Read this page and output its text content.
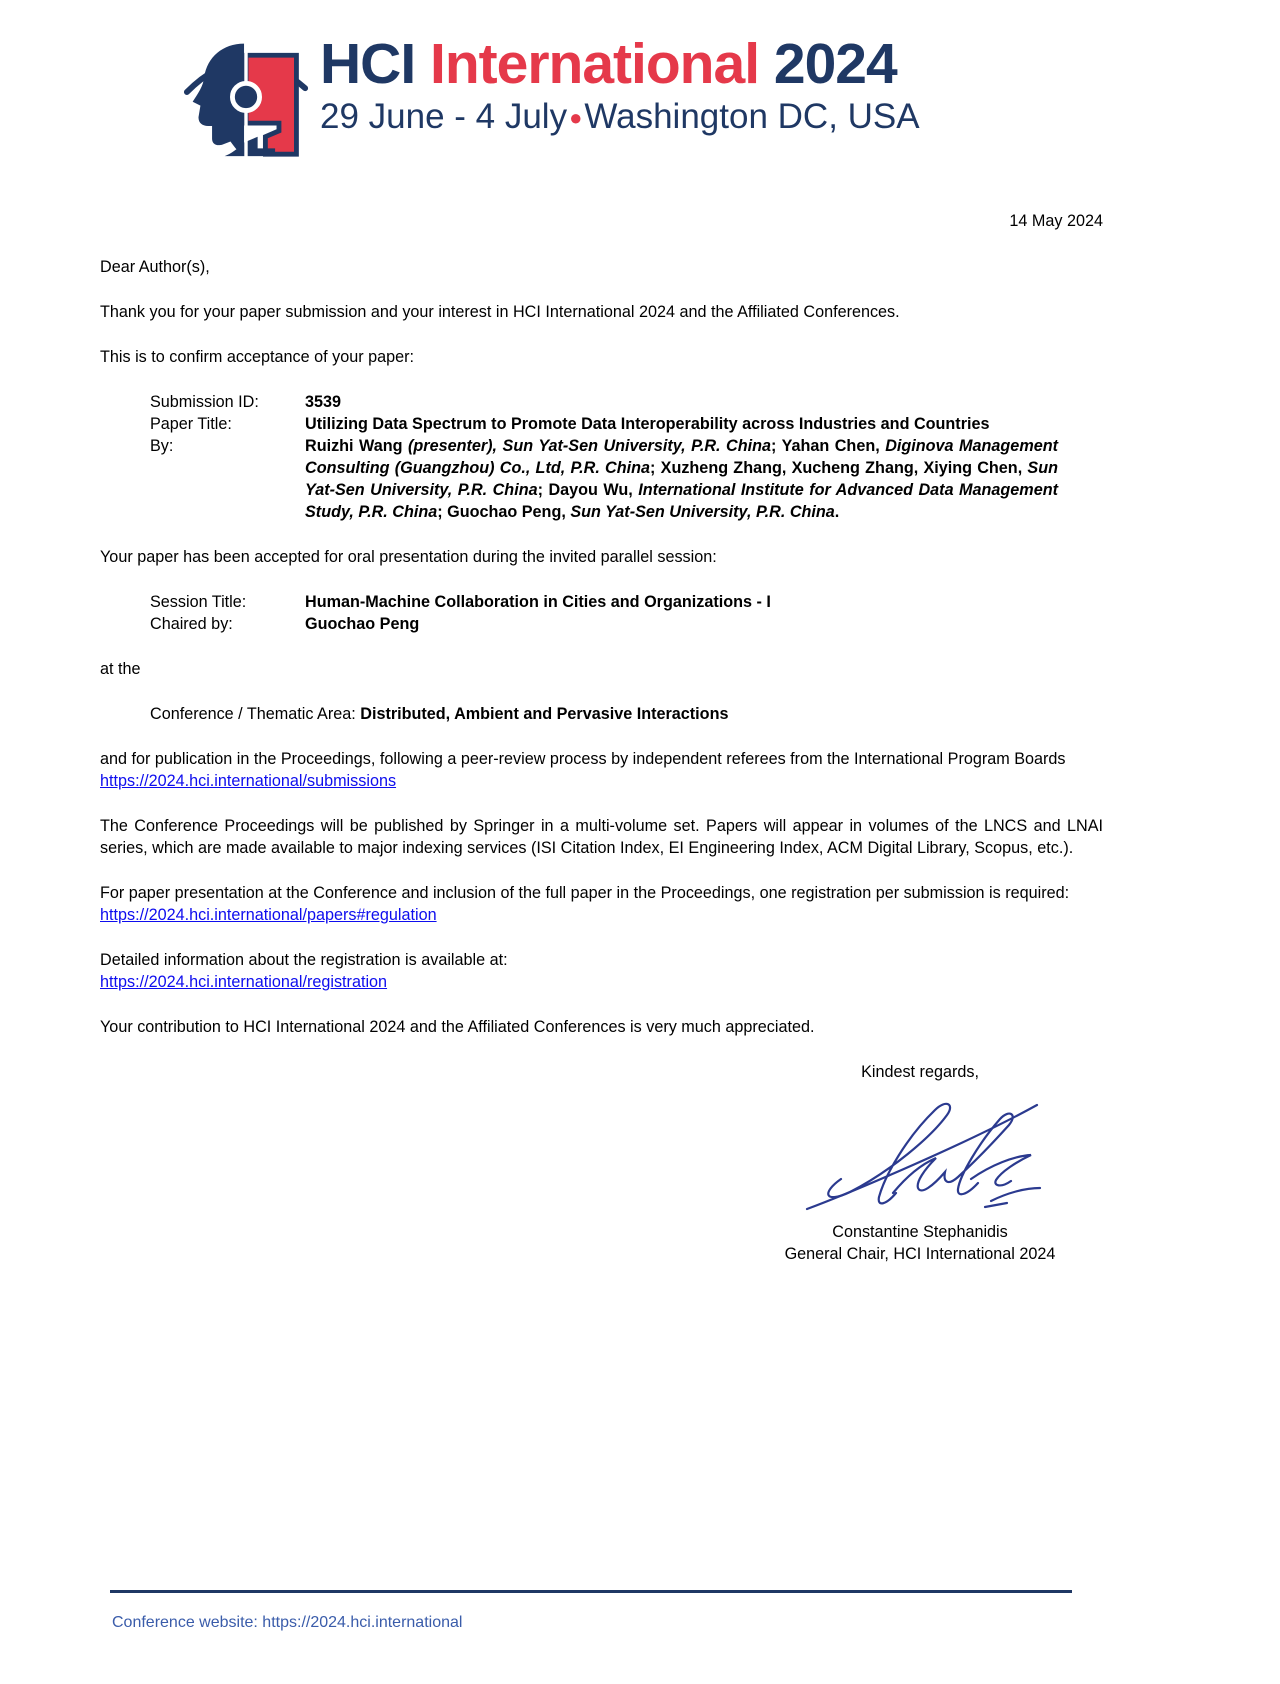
HCI International 2024
29 June - 4 July●Washington DC, USA

14 May 2024

Dear Author(s),

Thank you for your paper submission and your interest in HCI International 2024 and the Affiliated Conferences.

This is to confirm acceptance of your paper:

Submission ID:	3539
Paper Title:	Utilizing Data Spectrum to Promote Data Interoperability across Industries and Countries
By:	Ruizhi Wang (presenter), Sun Yat-Sen University, P.R. China; Yahan Chen, Diginova Management Consulting (Guangzhou) Co., Ltd, P.R. China; Xuzheng Zhang, Xucheng Zhang, Xiying Chen, Sun Yat-Sen University, P.R. China; Dayou Wu, International Institute for Advanced Data Management Study, P.R. China; Guochao Peng, Sun Yat-Sen University, P.R. China.

Your paper has been accepted for oral presentation during the invited parallel session:

Session Title:	Human-Machine Collaboration in Cities and Organizations - I
Chaired by:	Guochao Peng

at the

Conference / Thematic Area: Distributed, Ambient and Pervasive Interactions

and for publication in the Proceedings, following a peer-review process by independent referees from the International Program Boards

https://2024.hci.international/submissions

The Conference Proceedings will be published by Springer in a multi-volume set. Papers will appear in volumes of the LNCS and LNAI series, which are made available to major indexing services (ISI Citation Index, EI Engineering Index, ACM Digital Library, Scopus, etc.).

For paper presentation at the Conference and inclusion of the full paper in the Proceedings, one registration per submission is required:

https://2024.hci.international/papers#regulation

Detailed information about the registration is available at:

https://2024.hci.international/registration

Your contribution to HCI International 2024 and the Affiliated Conferences is very much appreciated.

Kindest regards,

Constantine Stephanidis

General Chair, HCI International 2024

Conference website: https://2024.hci.international
